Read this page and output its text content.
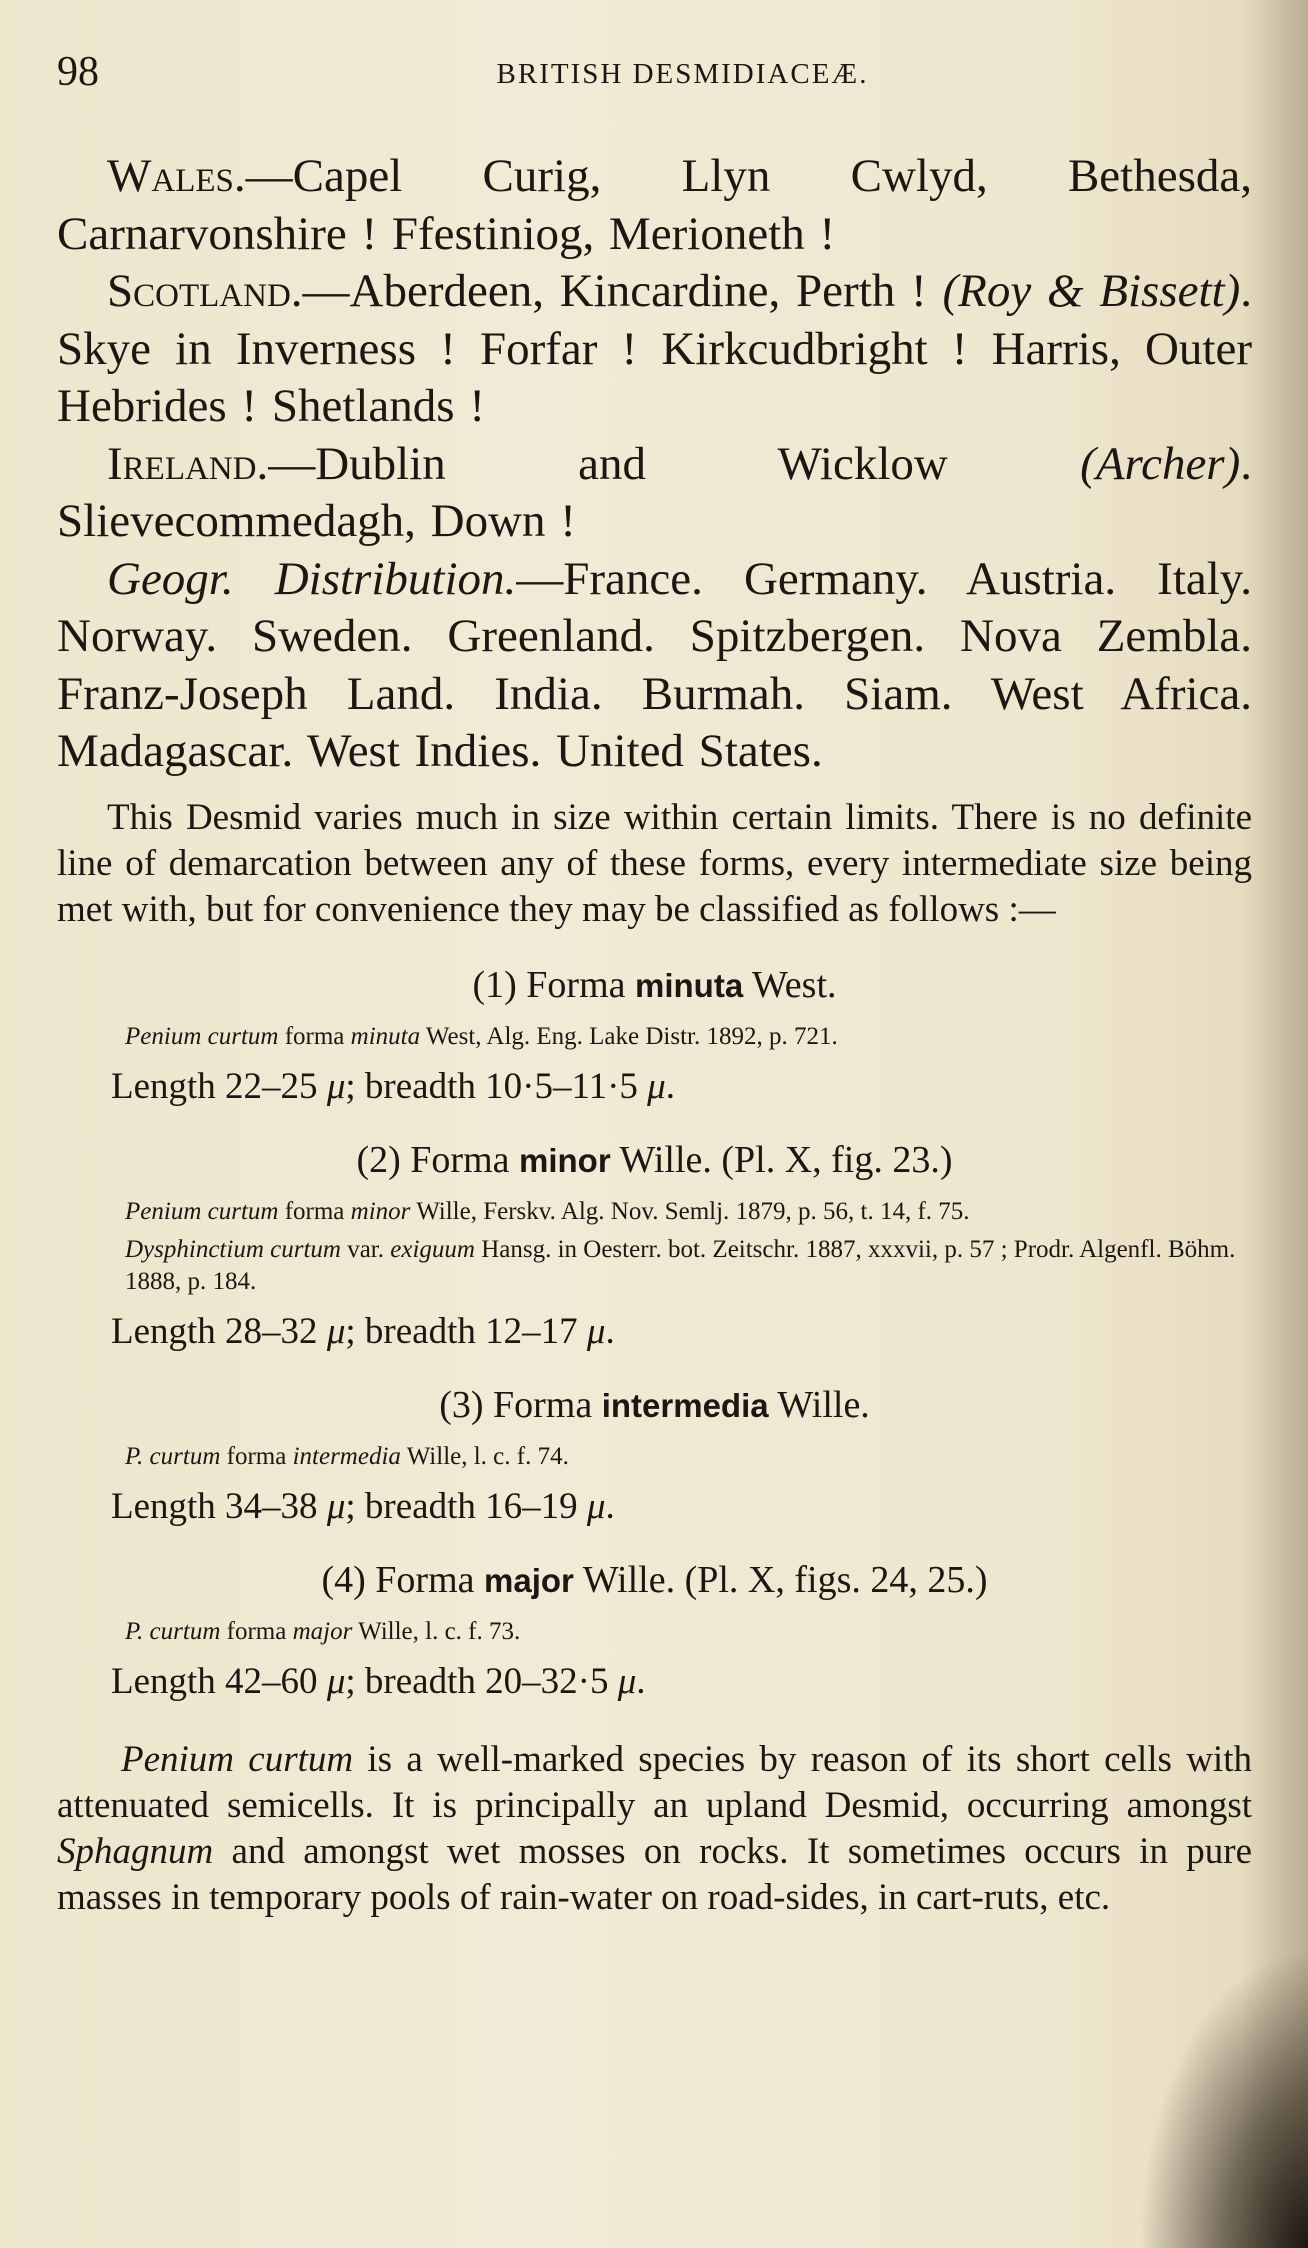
98	BRITISH DESMIDIACEÆ.

Wales.—Capel Curig, Llyn Cwlyd, Bethesda, Carnarvonshire ! Ffestiniog, Merioneth !

Scotland.—Aberdeen, Kincardine, Perth ! (Roy & Bissett). Skye in Inverness ! Forfar ! Kirkcudbright ! Harris, Outer Hebrides ! Shetlands !

Ireland.—Dublin and Wicklow (Archer). Slievecommedagh, Down !

Geogr. Distribution.—France. Germany. Austria. Italy. Norway. Sweden. Greenland. Spitzbergen. Nova Zembla. Franz-Joseph Land. India. Burmah. Siam. West Africa. Madagascar. West Indies. United States.

This Desmid varies much in size within certain limits. There is no definite line of demarcation between any of these forms, every intermediate size being met with, but for convenience they may be classified as follows :—
(1) Forma minuta West.
Penium curtum forma minuta West, Alg. Eng. Lake Distr. 1892, p. 721.
Length 22–25 μ; breadth 10·5–11·5 μ.
(2) Forma minor Wille. (Pl. X, fig. 23.)
Penium curtum forma minor Wille, Ferskv. Alg. Nov. Semlj. 1879, p. 56, t. 14, f. 75.
Dysphinctium curtum var. exiguum Hansg. in Oesterr. bot. Zeitschr. 1887, xxxvii, p. 57 ; Prodr. Algenfl. Böhm. 1888, p. 184.
Length 28–32 μ; breadth 12–17 μ.
(3) Forma intermedia Wille.
P. curtum forma intermedia Wille, l. c. f. 74.
Length 34–38 μ; breadth 16–19 μ.
(4) Forma major Wille. (Pl. X, figs. 24, 25.)
P. curtum forma major Wille, l. c. f. 73.
Length 42–60 μ; breadth 20–32·5 μ.
Penium curtum is a well-marked species by reason of its short cells with attenuated semicells. It is principally an upland Desmid, occurring amongst Sphagnum and amongst wet mosses on rocks. It sometimes occurs in pure masses in temporary pools of rain-water on road-sides, in cart-ruts, etc.
